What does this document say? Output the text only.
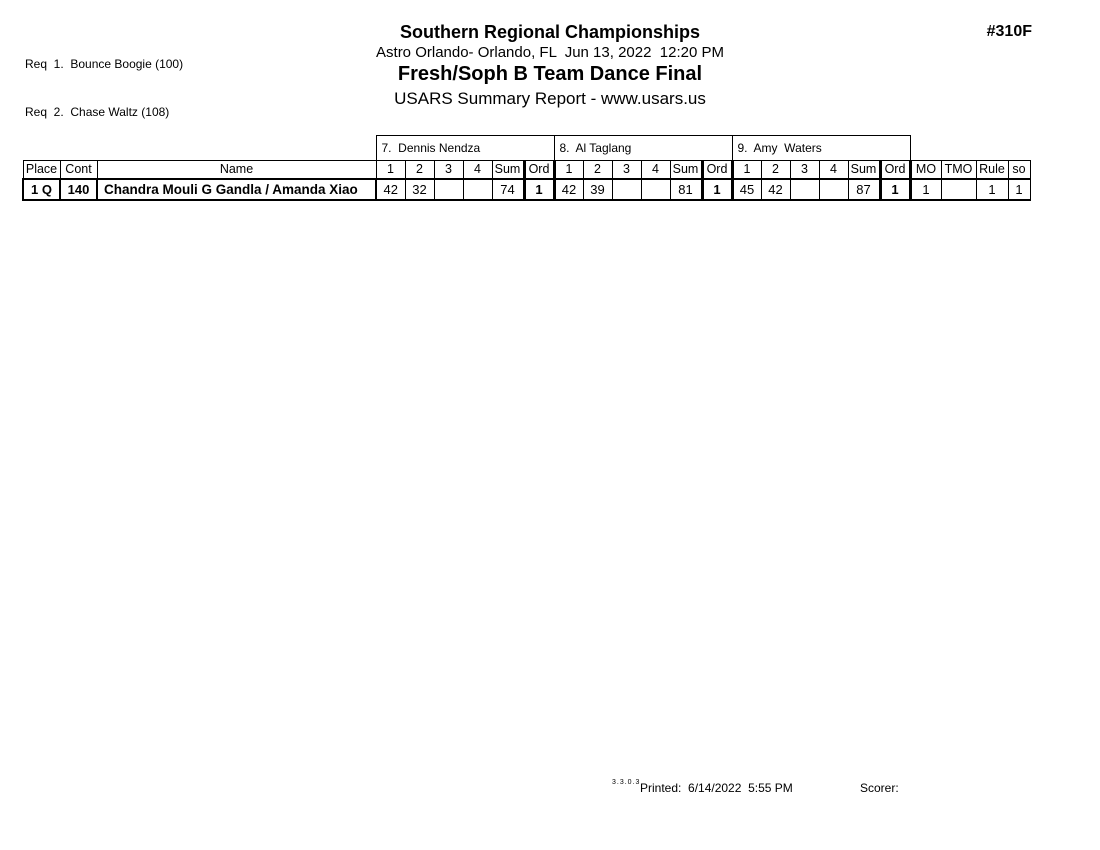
Req  1.  Bounce Boogie (100)

Req  2.  Chase Waltz (108)

Southern Regional Championships
Astro Orlando- Orlando, FL  Jun 13, 2022  12:20 PM
Fresh/Soph B Team Dance Final
USARS Summary Report - www.usars.us
#310F
			7.  Dennis Nendza						8.  Al Taglang						9.  Amy  Waters									
Place	Cont	Name	1	2	3	4	Sum	Ord	1	2	3	4	Sum	Ord	1	2	3	4	Sum	Ord	MO	TMO	Rule	so
1 Q	140	Chandra Mouli G Gandla / Amanda Xiao	42	32			74	1	42	39			81	1	45	42			87	1	1		1	1
3.3.0.3 Printed:  6/14/2022  5:55 PM	Scorer:
